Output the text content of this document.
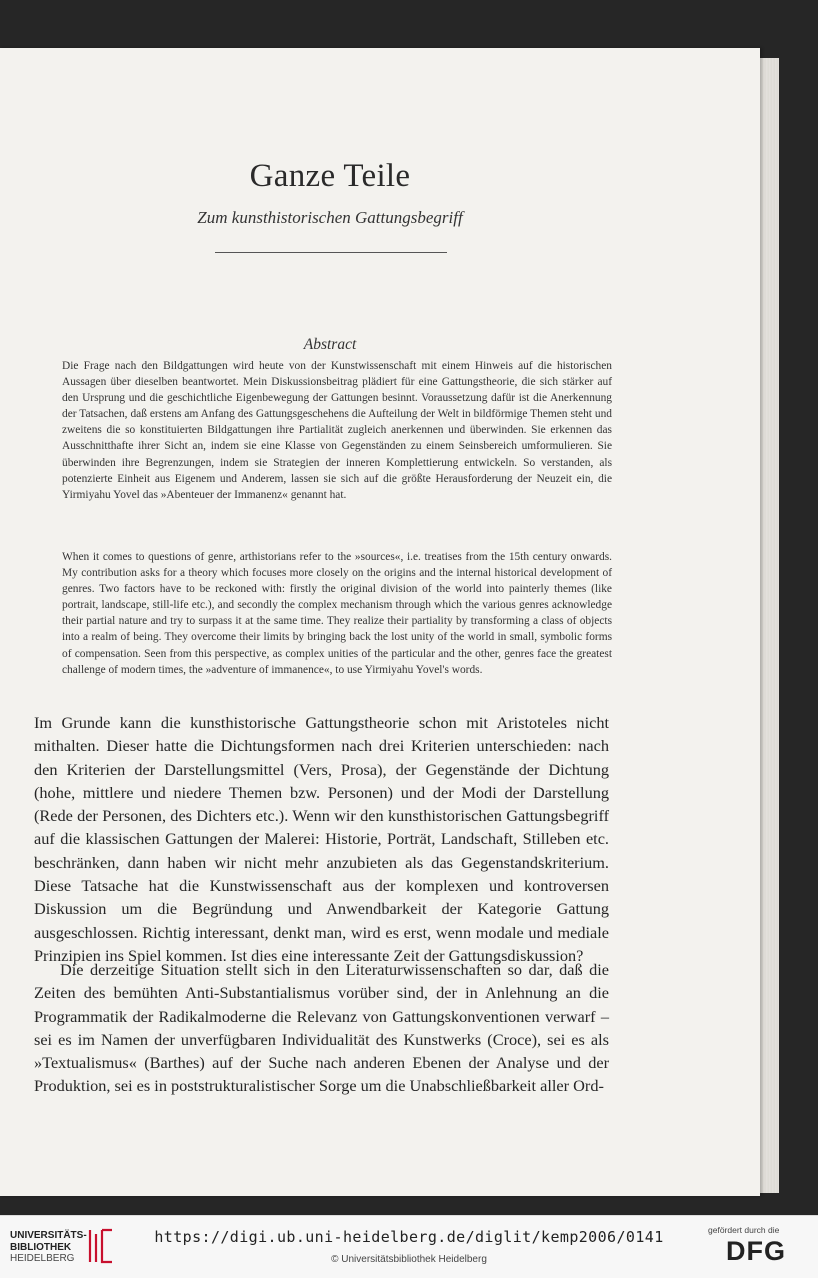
Ganze Teile
Zum kunsthistorischen Gattungsbegriff
Abstract

Die Frage nach den Bildgattungen wird heute von der Kunstwissenschaft mit einem Hinweis auf die historischen Aussagen über dieselben beantwortet. Mein Diskussionsbeitrag plädiert für eine Gattungstheorie, die sich stärker auf den Ursprung und die geschichtliche Eigenbewegung der Gattungen besinnt. Voraussetzung dafür ist die Anerkennung der Tatsachen, daß erstens am Anfang des Gattungsgeschehens die Aufteilung der Welt in bildförmige Themen steht und zweitens die so konstituierten Bildgattungen ihre Partialität zugleich anerkennen und überwinden. Sie erkennen das Ausschnitthafte ihrer Sicht an, indem sie eine Klasse von Gegenständen zu einem Seinsbereich umformulieren. Sie überwinden ihre Begrenzungen, indem sie Strategien der inneren Komplettierung entwickeln. So verstanden, als potenzierte Einheit aus Eigenem und Anderem, lassen sie sich auf die größte Herausforderung der Neuzeit ein, die Yirmiyahu Yovel das »Abenteuer der Immanenz« genannt hat.

When it comes to questions of genre, arthistorians refer to the »sources«, i.e. treatises from the 15th century onwards. My contribution asks for a theory which focuses more closely on the origins and the internal historical development of genres. Two factors have to be reckoned with: firstly the original division of the world into painterly themes (like portrait, landscape, still-life etc.), and secondly the complex mechanism through which the various genres acknowledge their partial nature and try to surpass it at the same time. They realize their partiality by transforming a class of objects into a realm of being. They overcome their limits by bringing back the lost unity of the world in small, symbolic forms of compensation. Seen from this perspective, as complex unities of the particular and the other, genres face the greatest challenge of modern times, the »adventure of immanence«, to use Yirmiyahu Yovel's words.

Im Grunde kann die kunsthistorische Gattungstheorie schon mit Aristoteles nicht mithalten. Dieser hatte die Dichtungsformen nach drei Kriterien unterschieden: nach den Kriterien der Darstellungsmittel (Vers, Prosa), der Gegenstände der Dichtung (hohe, mittlere und niedere Themen bzw. Personen) und der Modi der Darstellung (Rede der Personen, des Dichters etc.). Wenn wir den kunsthistorischen Gattungsbegriff auf die klassischen Gattungen der Malerei: Historie, Porträt, Landschaft, Stilleben etc. beschränken, dann haben wir nicht mehr anzubieten als das Gegenstandskriterium. Diese Tatsache hat die Kunstwissenschaft aus der komplexen und kontroversen Diskussion um die Begründung und Anwendbarkeit der Kategorie Gattung ausgeschlossen. Richtig interessant, denkt man, wird es erst, wenn modale und mediale Prinzipien ins Spiel kommen. Ist dies eine interessante Zeit der Gattungsdiskussion?

Die derzeitige Situation stellt sich in den Literaturwissenschaften so dar, daß die Zeiten des bemühten Anti-Substantialismus vorüber sind, der in Anlehnung an die Programmatik der Radikalmoderne die Relevanz von Gattungskonventionen verwarf – sei es im Namen der unverfügbaren Individualität des Kunstwerks (Croce), sei es als »Textualismus« (Barthes) auf der Suche nach anderen Ebenen der Analyse und der Produktion, sei es in poststrukturalistischer Sorge um die Unabschließbarkeit aller Ord-

UNIVERSITÄTS-
BIBLIOTHEK
HEIDELBERG
https://digi.ub.uni-heidelberg.de/diglit/kemp2006/0141
© Universitätsbibliothek Heidelberg
gefördert durch die
DFG
